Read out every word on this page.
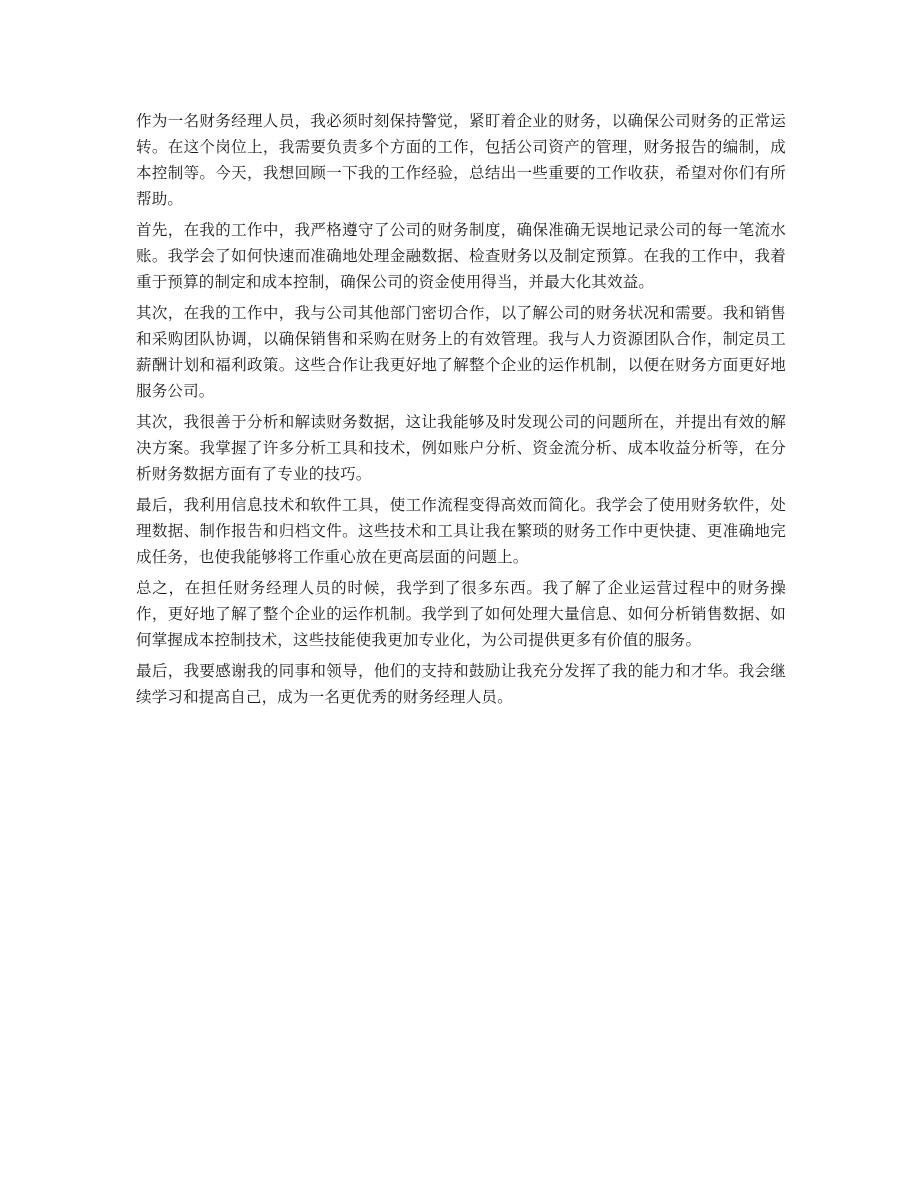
作为一名财务经理人员，我必须时刻保持警觉，紧盯着企业的财务，以确保公司财务的正常运转。在这个岗位上，我需要负责多个方面的工作，包括公司资产的管理，财务报告的编制，成本控制等。今天，我想回顾一下我的工作经验，总结出一些重要的工作收获，希望对你们有所帮助。

首先，在我的工作中，我严格遵守了公司的财务制度，确保准确无误地记录公司的每一笔流水账。我学会了如何快速而准确地处理金融数据、检查财务以及制定预算。在我的工作中，我着重于预算的制定和成本控制，确保公司的资金使用得当，并最大化其效益。

其次，在我的工作中，我与公司其他部门密切合作，以了解公司的财务状况和需要。我和销售和采购团队协调，以确保销售和采购在财务上的有效管理。我与人力资源团队合作，制定员工薪酬计划和福利政策。这些合作让我更好地了解整个企业的运作机制，以便在财务方面更好地服务公司。

其次，我很善于分析和解读财务数据，这让我能够及时发现公司的问题所在，并提出有效的解决方案。我掌握了许多分析工具和技术，例如账户分析、资金流分析、成本收益分析等，在分析财务数据方面有了专业的技巧。

最后，我利用信息技术和软件工具，使工作流程变得高效而简化。我学会了使用财务软件，处理数据、制作报告和归档文件。这些技术和工具让我在繁琐的财务工作中更快捷、更准确地完成任务，也使我能够将工作重心放在更高层面的问题上。

总之，在担任财务经理人员的时候，我学到了很多东西。我了解了企业运营过程中的财务操作，更好地了解了整个企业的运作机制。我学到了如何处理大量信息、如何分析销售数据、如何掌握成本控制技术，这些技能使我更加专业化，为公司提供更多有价值的服务。

最后，我要感谢我的同事和领导，他们的支持和鼓励让我充分发挥了我的能力和才华。我会继续学习和提高自己，成为一名更优秀的财务经理人员。
